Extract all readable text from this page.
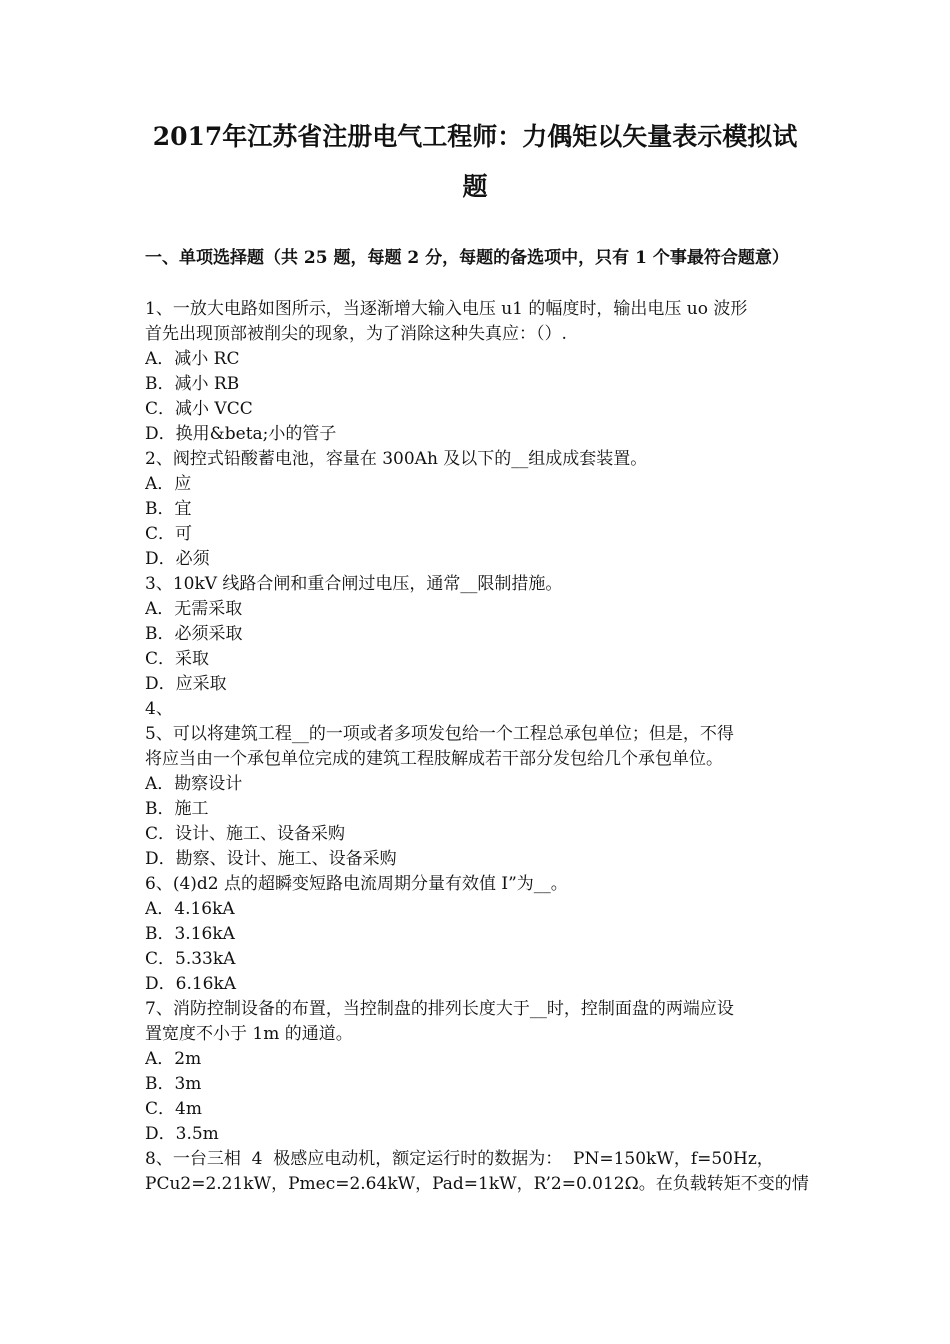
2017年江苏省注册电气工程师：力偶矩以矢量表示模拟试
题
一、单项选择题（共 25 题，每题 2 分，每题的备选项中，只有 1 个事最符合题意）
1、一放大电路如图所示，当逐渐增大输入电压 u1 的幅度时，输出电压 uo 波形
首先出现顶部被削尖的现象，为了消除这种失真应：（）.
A．减小 RC
B．减小 RB
C．减小 VCC
D．换用&beta;小的管子
2、阀控式铅酸蓄电池，容量在 300Ah 及以下的__组成成套装置。
A．应
B．宜
C．可
D．必须
3、10kV 线路合闸和重合闸过电压，通常__限制措施。
A．无需采取
B．必须采取
C．采取
D．应采取
4、
5、可以将建筑工程__的一项或者多项发包给一个工程总承包单位；但是，不得
将应当由一个承包单位完成的建筑工程肢解成若干部分发包给几个承包单位。
A．勘察设计
B．施工
C．设计、施工、设备采购
D．勘察、设计、施工、设备采购
6、(4)d2 点的超瞬变短路电流周期分量有效值 I”为__。
A．4.16kA
B．3.16kA
C．5.33kA
D．6.16kA
7、消防控制设备的布置，当控制盘的排列长度大于__时，控制面盘的两端应设
置宽度不小于 1m 的通道。
A．2m
B．3m
C．4m
D．3.5m
8、一台三相  4  极感应电动机，额定运行时的数据为：  PN=150kW，f=50Hz，
PCu2=2.21kW，Pmec=2.64kW，Pad=1kW，R’2=0.012Ω。在负载转矩不变的情
